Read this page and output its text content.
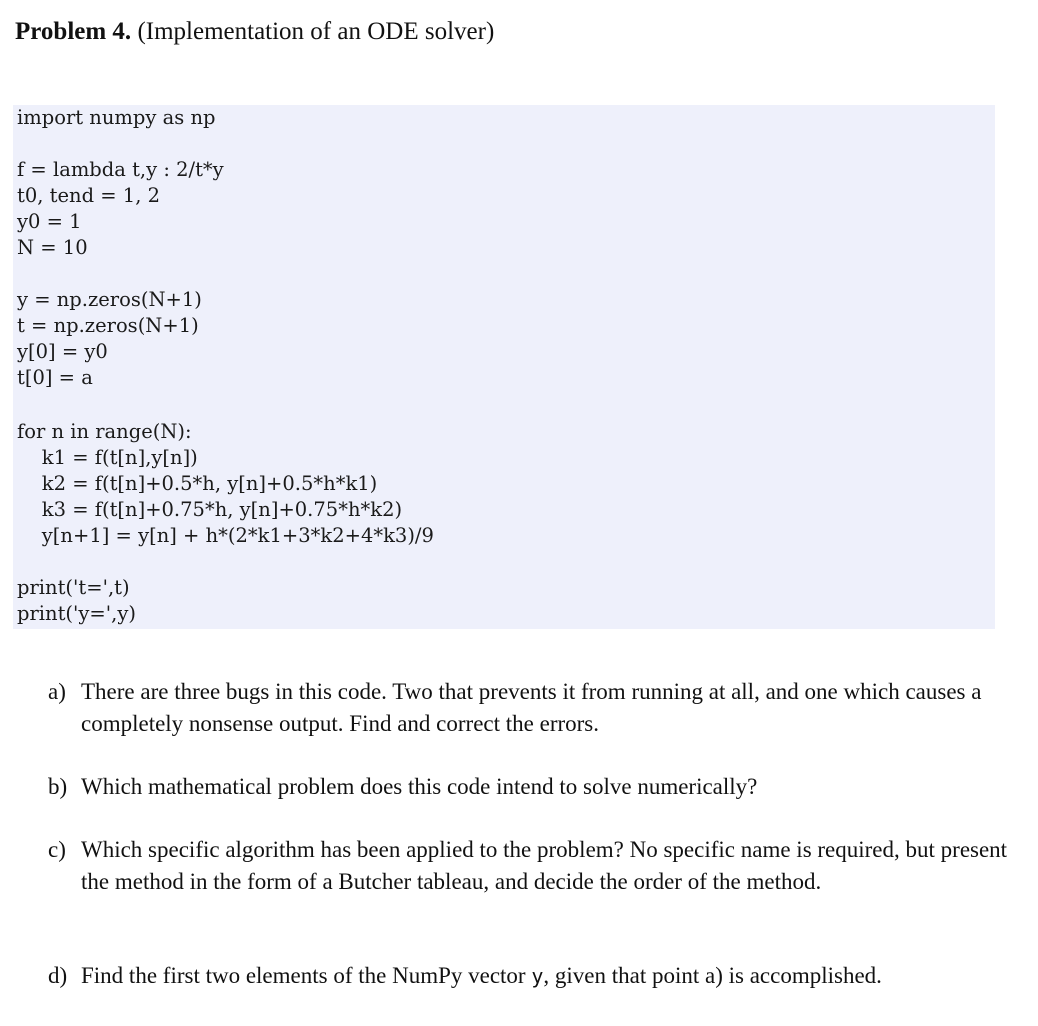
Problem 4. (Implementation of an ODE solver)
import numpy as np
f = lambda t,y : 2/t*y
t0, tend = 1, 2
y0 = 1
N = 10
y = np.zeros(N+1)
t = np.zeros(N+1)
y[0] = y0
t[0] = a
for n in range(N):
k1 = f(t[n],y[n])
k2 = f(t[n]+0.5*h, y[n]+0.5*h*k1)
k3 = f(t[n]+0.75*h, y[n]+0.75*h*k2)
y[n+1] = y[n] + h*(2*k1+3*k2+4*k3)/9
print('t=',t)
print('y=',y)
a) There are three bugs in this code. Two that prevents it from running at all, and one which causes a completely nonsense output. Find and correct the errors.
b) Which mathematical problem does this code intend to solve numerically?
c) Which specific algorithm has been applied to the problem? No specific name is required, but present the method in the form of a Butcher tableau, and decide the order of the method.
d) Find the first two elements of the NumPy vector y, given that point a) is accomplished.
